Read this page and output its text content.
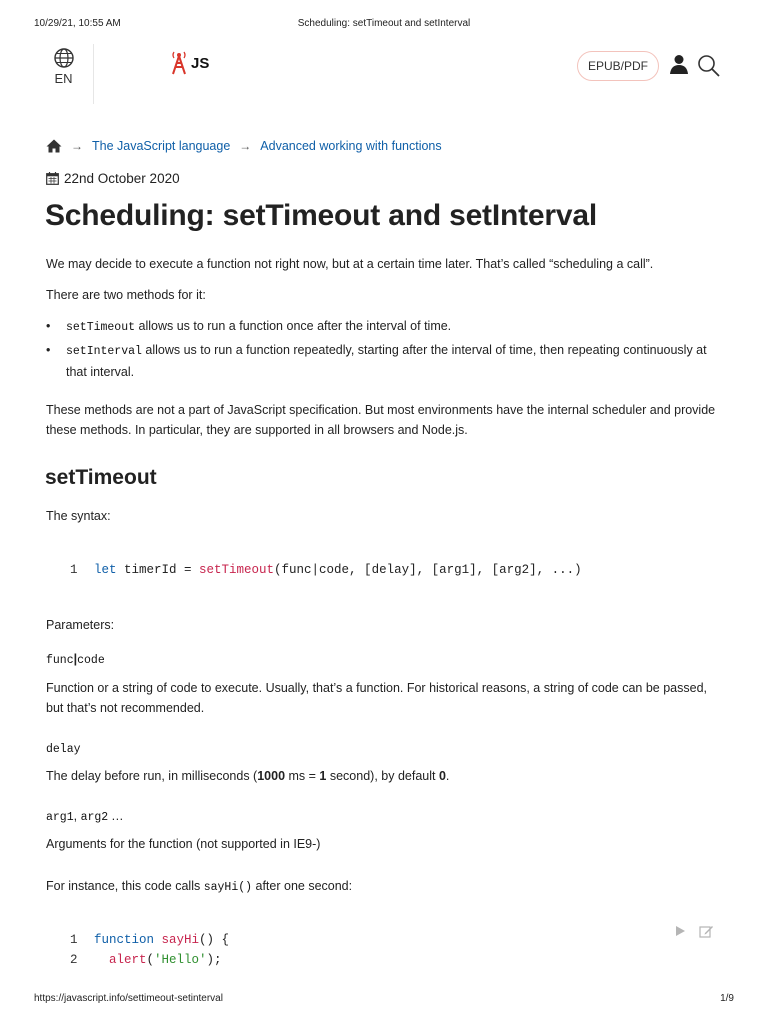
10/29/21, 10:55 AM	Scheduling: setTimeout and setInterval
EN
JS	EPUB/PDF
→ The JavaScript language → Advanced working with functions
22nd October 2020
Scheduling: setTimeout and setInterval
We may decide to execute a function not right now, but at a certain time later. That’s called “scheduling a call”.
There are two methods for it:
• setTimeout allows us to run a function once after the interval of time.
• setInterval allows us to run a function repeatedly, starting after the interval of time, then repeating continuously at that interval.
These methods are not a part of JavaScript specification. But most environments have the internal scheduler and provide these methods. In particular, they are supported in all browsers and Node.js.
setTimeout
The syntax:
1 let timerId = setTimeout(func|code, [delay], [arg1], [arg2], ...)
Parameters:
func|code
Function or a string of code to execute. Usually, that’s a function. For historical reasons, a string of code can be passed, but that’s not recommended.
delay
The delay before run, in milliseconds (1000 ms = 1 second), by default 0.
arg1, arg2 …
Arguments for the function (not supported in IE9-)
For instance, this code calls sayHi() after one second:
1 function sayHi() {
2  alert('Hello');
https://javascript.info/settimeout-setinterval	1/9
